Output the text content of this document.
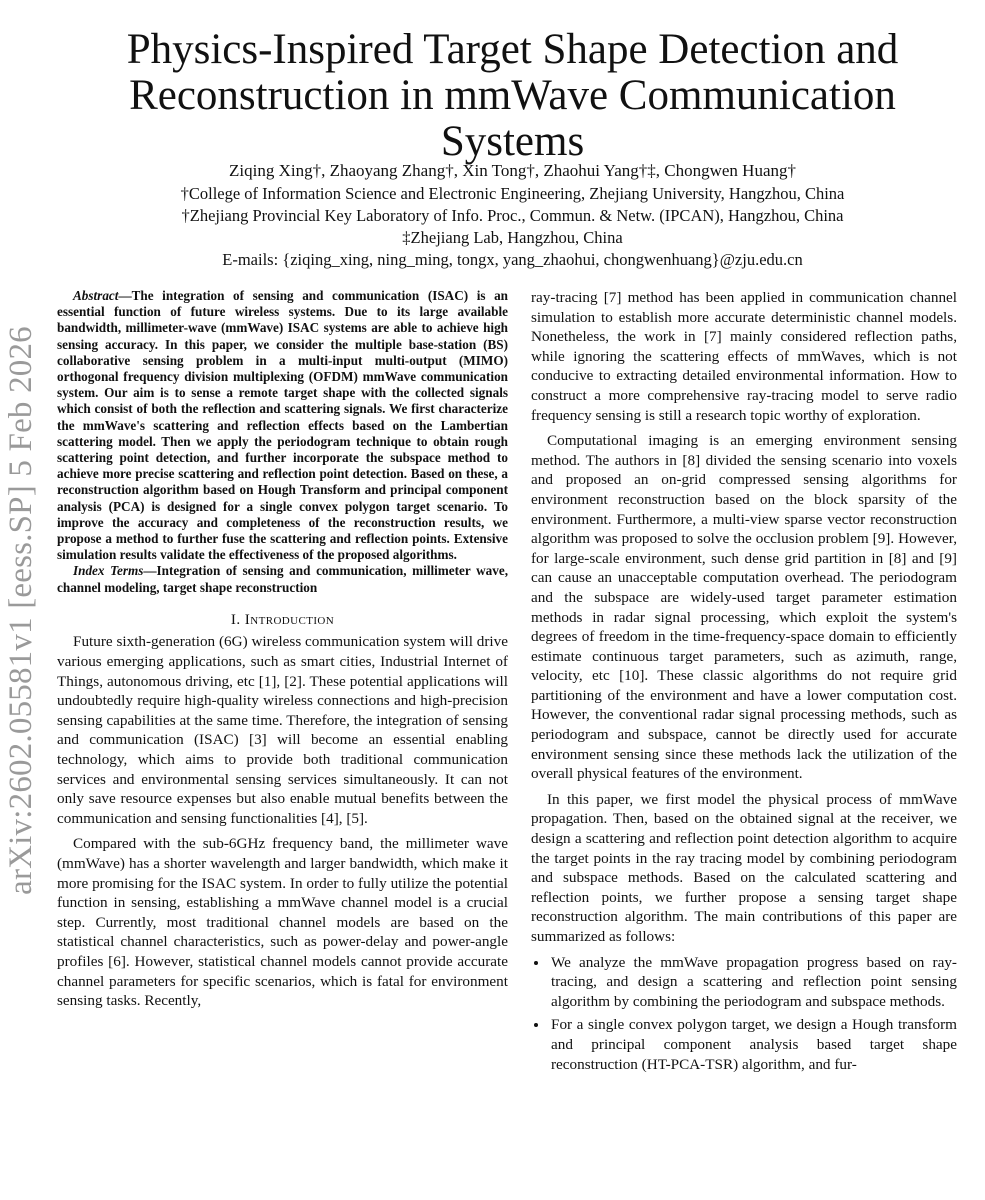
arXiv:2602.05581v1 [eess.SP] 5 Feb 2026
Physics-Inspired Target Shape Detection and Reconstruction in mmWave Communication Systems
Ziqing Xing†, Zhaoyang Zhang†, Xin Tong†, Zhaohui Yang†‡, Chongwen Huang†
†College of Information Science and Electronic Engineering, Zhejiang University, Hangzhou, China
†Zhejiang Provincial Key Laboratory of Info. Proc., Commun. & Netw. (IPCAN), Hangzhou, China
‡Zhejiang Lab, Hangzhou, China
E-mails: {ziqing_xing, ning_ming, tongx, yang_zhaohui, chongwenhuang}@zju.edu.cn

Abstract—The integration of sensing and communication (ISAC) is an essential function of future wireless systems. Due to its large available bandwidth, millimeter-wave (mmWave) ISAC systems are able to achieve high sensing accuracy. In this paper, we consider the multiple base-station (BS) collaborative sensing problem in a multi-input multi-output (MIMO) orthogonal frequency division multiplexing (OFDM) mmWave communication system. Our aim is to sense a remote target shape with the collected signals which consist of both the reflection and scattering signals. We first characterize the mmWave's scattering and reflection effects based on the Lambertian scattering model. Then we apply the periodogram technique to obtain rough scattering point detection, and further incorporate the subspace method to achieve more precise scattering and reflection point detection. Based on these, a reconstruction algorithm based on Hough Transform and principal component analysis (PCA) is designed for a single convex polygon target scenario. To improve the accuracy and completeness of the reconstruction results, we propose a method to further fuse the scattering and reflection points. Extensive simulation results validate the effectiveness of the proposed algorithms.

Index Terms—Integration of sensing and communication, millimeter wave, channel modeling, target shape reconstruction

I. Introduction

Future sixth-generation (6G) wireless communication system will drive various emerging applications, such as smart cities, Industrial Internet of Things, autonomous driving, etc [1], [2]. These potential applications will undoubtedly require high-quality wireless connections and high-precision sensing capabilities at the same time. Therefore, the integration of sensing and communication (ISAC) [3] will become an essential enabling technology, which aims to provide both traditional communication services and environmental sensing services simultaneously. It can not only save resource expenses but also enable mutual benefits between the communication and sensing functionalities [4], [5].

Compared with the sub-6GHz frequency band, the millimeter wave (mmWave) has a shorter wavelength and larger bandwidth, which make it more promising for the ISAC system. In order to fully utilize the potential function in sensing, establishing a mmWave channel model is a crucial step. Currently, most traditional channel models are based on the statistical channel characteristics, such as power-delay and power-angle profiles [6]. However, statistical channel models cannot provide accurate channel parameters for specific scenarios, which is fatal for environment sensing tasks. Recently,

ray-tracing [7] method has been applied in communication channel simulation to establish more accurate deterministic channel models. Nonetheless, the work in [7] mainly considered reflection paths, while ignoring the scattering effects of mmWaves, which is not conducive to extracting detailed environmental information. How to construct a more comprehensive ray-tracing model to serve radio frequency sensing is still a research topic worthy of exploration.

Computational imaging is an emerging environment sensing method. The authors in [8] divided the sensing scenario into voxels and proposed an on-grid compressed sensing algorithms for environment reconstruction based on the block sparsity of the environment. Furthermore, a multi-view sparse vector reconstruction algorithm was proposed to solve the occlusion problem [9]. However, for large-scale environment, such dense grid partition in [8] and [9] can cause an unacceptable computation overhead. The periodogram and the subspace are widely-used target parameter estimation methods in radar signal processing, which exploit the system's degrees of freedom in the time-frequency-space domain to efficiently estimate continuous target parameters, such as azimuth, range, velocity, etc [10]. These classic algorithms do not require grid partitioning of the environment and have a lower computation cost. However, the conventional radar signal processing methods, such as periodogram and subspace, cannot be directly used for accurate environment sensing since these methods lack the utilization of the overall physical features of the environment.

In this paper, we first model the physical process of mmWave propagation. Then, based on the obtained signal at the receiver, we design a scattering and reflection point detection algorithm to acquire the target points in the ray tracing model by combining periodogram and subspace methods. Based on the calculated scattering and reflection points, we further propose a sensing target shape reconstruction algorithm. The main contributions of this paper are summarized as follows:

• We analyze the mmWave propagation progress based on ray-tracing, and design a scattering and reflection point sensing algorithm by combining the periodogram and subspace methods.
• For a single convex polygon target, we design a Hough transform and principal component analysis based target shape reconstruction (HT-PCA-TSR) algorithm, and fur-
